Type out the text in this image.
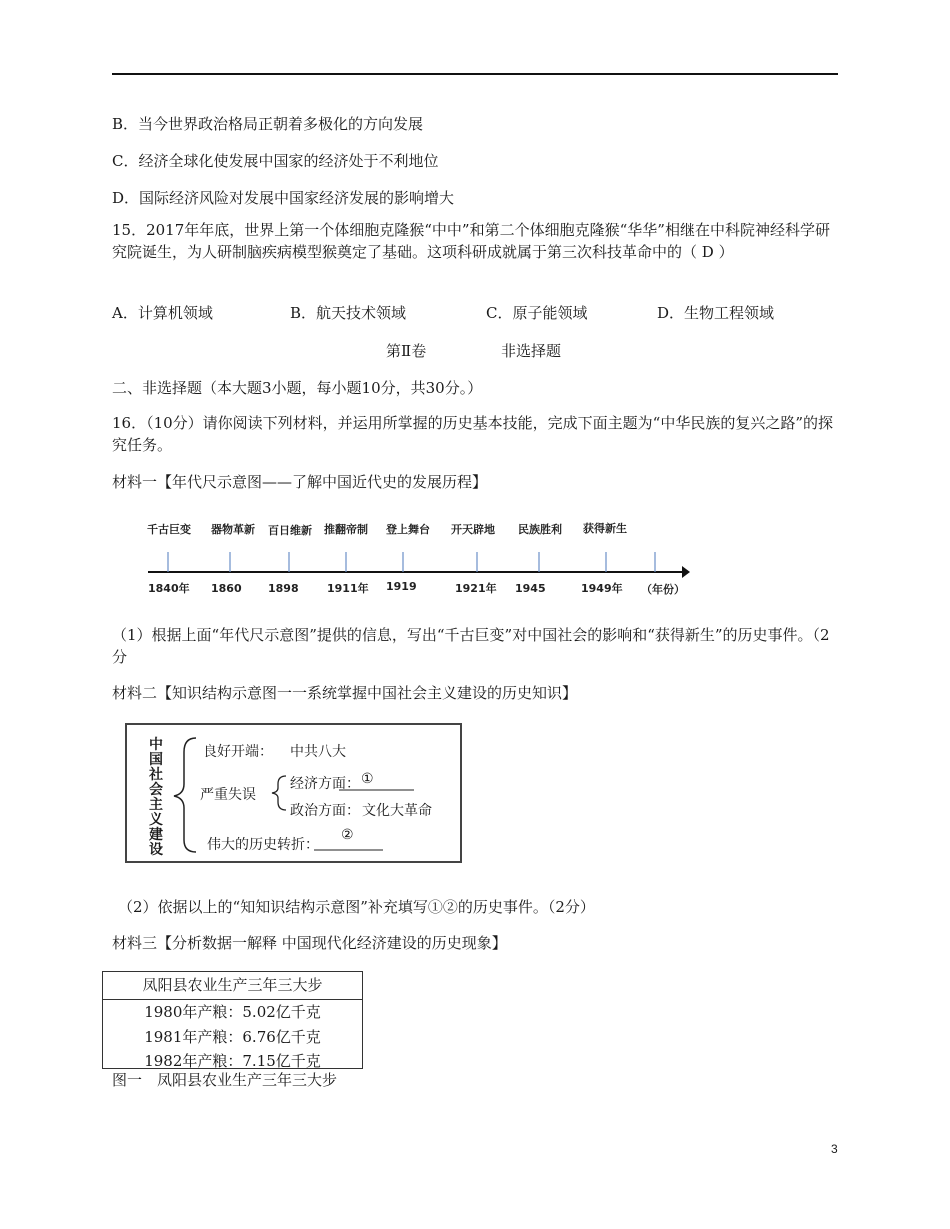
B．当今世界政治格局正朝着多极化的方向发展
C．经济全球化使发展中国家的经济处于不利地位
D．国际经济风险对发展中国家经济发展的影响增大
15．2017年年底，世界上第一个体细胞克隆猴“中中”和第二个体细胞克隆猴“华华”相继在中科院神经科学研究院诞生，为人研制脑疾病模型猴奠定了基础。这项科研成就属于第三次科技革命中的（ D ）
A．计算机领域	B．航天技术领域	C．原子能领域	D．生物工程领域
第Ⅱ卷	非选择题
二、非选择题（本大题3小题，每小题10分，共30分。）
16．（10分）请你阅读下列材料，并运用所掌握的历史基本技能，完成下面主题为“中华民族的复兴之路”的探究任务。
材料一【年代尺示意图——了解中国近代史的发展历程】
千古巨变 器物革新 百日维新 推翻帝制 登上舞台 开天辟地 民族胜利 获得新生
1840年 1860 1898	1911年 1919	1921年 1945	1949年 （年份）
（1）根据上面“年代尺示意图”提供的信息，写出“千古巨变”对中国社会的影响和“获得新生”的历史事件。（2分
材料二【知识结构示意图一一系统掌握中国社会主义建设的历史知识】
中国社会主义建设
良好开端： 中共八大
严重失误
经济方面： ①
政治方面： 文化大革命
伟大的历史转折：
②
（2）依据以上的“知知识结构示意图”补充填写①②的历史事件。（2分）
材料三【分析数据一解释 中国现代化经济建设的历史现象】
凤阳县农业生产三年三大步
1980年产粮：5.02亿千克
1981年产粮：6.76亿千克
1982年产粮：7.15亿千克
图一　凤阳县农业生产三年三大步
3
